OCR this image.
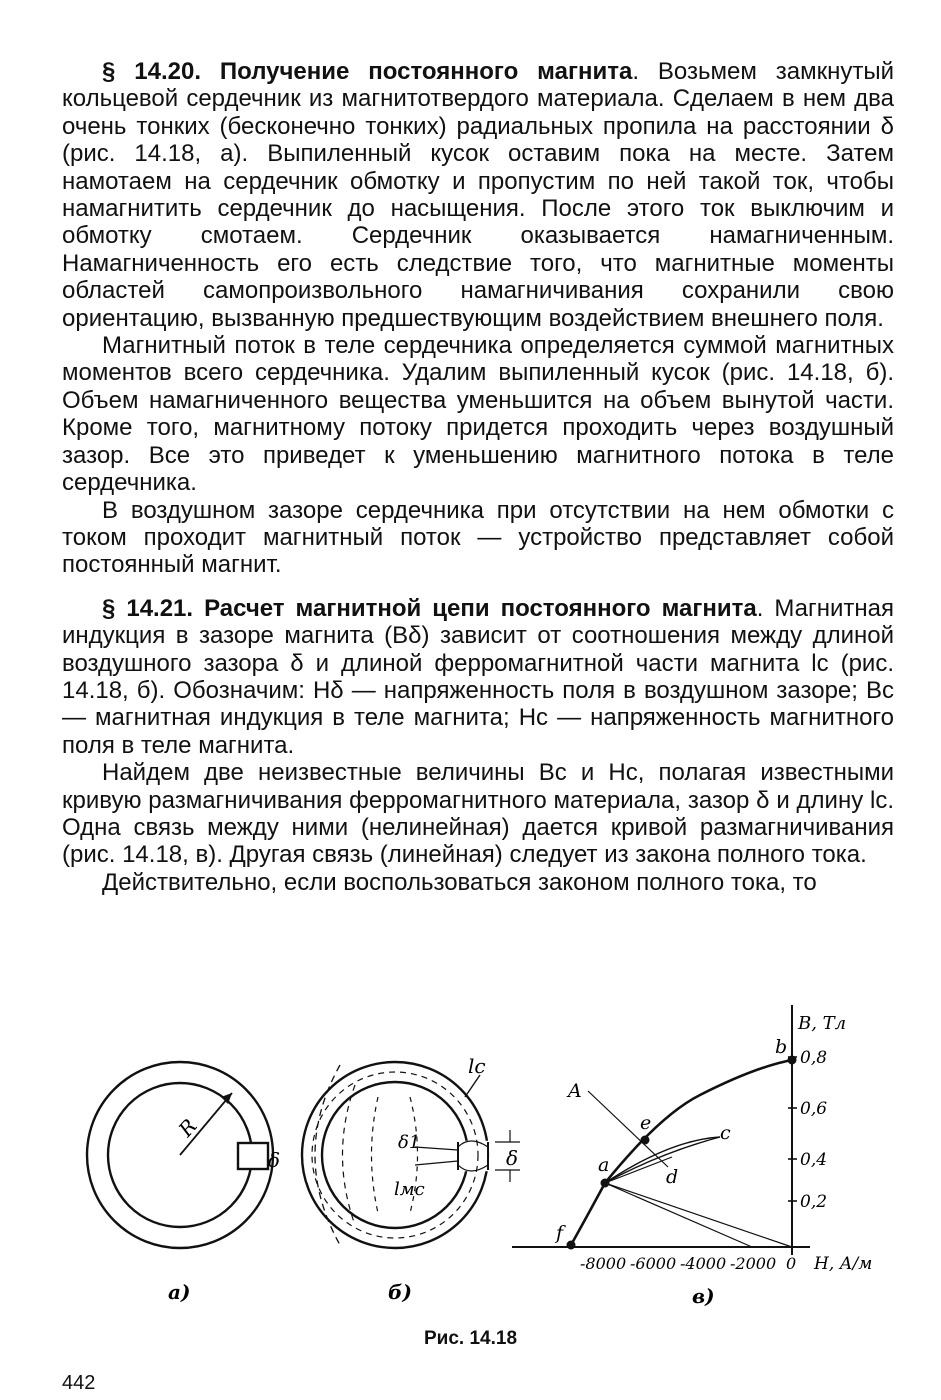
§ 14.20. Получение постоянного магнита. Возьмем замкнутый кольцевой сердечник из магнитотвердого материала. Сделаем в нем два очень тонких (бесконечно тонких) радиальных пропила на расстоянии δ (рис. 14.18, а). Выпиленный кусок оставим пока на месте. Затем намотаем на сердечник обмотку и пропустим по ней такой ток, чтобы намагнитить сердечник до насыщения. После этого ток выключим и обмотку смотаем. Сердечник оказывается намагниченным. Намагниченность его есть следствие того, что магнитные моменты областей самопроизвольного намагничивания сохранили свою ориентацию, вызванную предшествующим воздействием внешнего поля.

Магнитный поток в теле сердечника определяется суммой магнитных моментов всего сердечника. Удалим выпиленный кусок (рис. 14.18, б). Объем намагниченного вещества уменьшится на объем вынутой части. Кроме того, магнитному потоку придется проходить через воздушный зазор. Все это приведет к уменьшению магнитного потока в теле сердечника.

В воздушном зазоре сердечника при отсутствии на нем обмотки с током проходит магнитный поток — устройство представляет собой постоянный магнит.

§ 14.21. Расчет магнитной цепи постоянного магнита. Магнитная индукция в зазоре магнита (Bδ) зависит от соотношения между длиной воздушного зазора δ и длиной ферромагнитной части магнита lс (рис. 14.18, б). Обозначим: Hδ — напряженность поля в воздушном зазоре; Bс — магнитная индукция в теле магнита; Hс — напряженность магнитного поля в теле магнита.

Найдем две неизвестные величины Bс и Hс, полагая известными кривую размагничивания ферромагнитного материала, зазор δ и длину lс. Одна связь между ними (нелинейная) дается кривой размагничивания (рис. 14.18, в). Другая связь (линейная) следует из закона полного тока.

Действительно, если воспользоваться законом полного тока, то

R
δ
а)
lc
δ1
lмс
δ
б)
A
b
e	c
a
d
f
B, Тл
H, А/м
-8000 -6000 -4000 -2000 0
0,2
0,4
0,6
0,8
в)
Рис. 14.18
442
